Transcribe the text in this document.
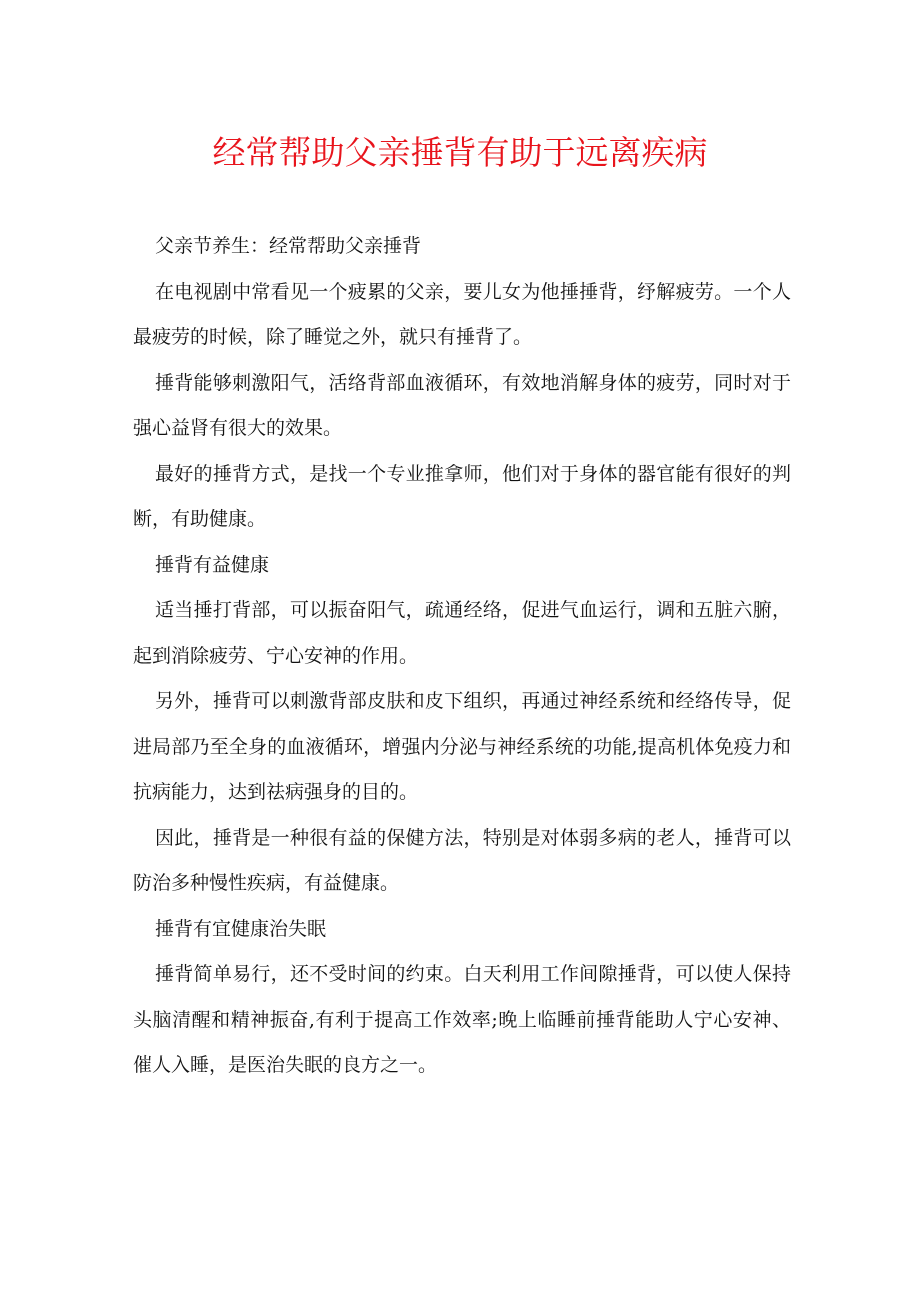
经常帮助父亲捶背有助于远离疾病

父亲节养生：经常帮助父亲捶背

在电视剧中常看见一个疲累的父亲，要儿女为他捶捶背，纾解疲劳。一个人最疲劳的时候，除了睡觉之外，就只有捶背了。

捶背能够刺激阳气，活络背部血液循环，有效地消解身体的疲劳，同时对于强心益肾有很大的效果。

最好的捶背方式，是找一个专业推拿师，他们对于身体的器官能有很好的判断，有助健康。

捶背有益健康

适当捶打背部，可以振奋阳气，疏通经络，促进气血运行，调和五脏六腑，起到消除疲劳、宁心安神的作用。

另外，捶背可以刺激背部皮肤和皮下组织，再通过神经系统和经络传导，促进局部乃至全身的血液循环，增强内分泌与神经系统的功能,提高机体免疫力和抗病能力，达到祛病强身的目的。

因此，捶背是一种很有益的保健方法，特别是对体弱多病的老人，捶背可以防治多种慢性疾病，有益健康。

捶背有宜健康治失眠

捶背简单易行，还不受时间的约束。白天利用工作间隙捶背，可以使人保持头脑清醒和精神振奋,有利于提高工作效率;晚上临睡前捶背能助人宁心安神、催人入睡，是医治失眠的良方之一。
